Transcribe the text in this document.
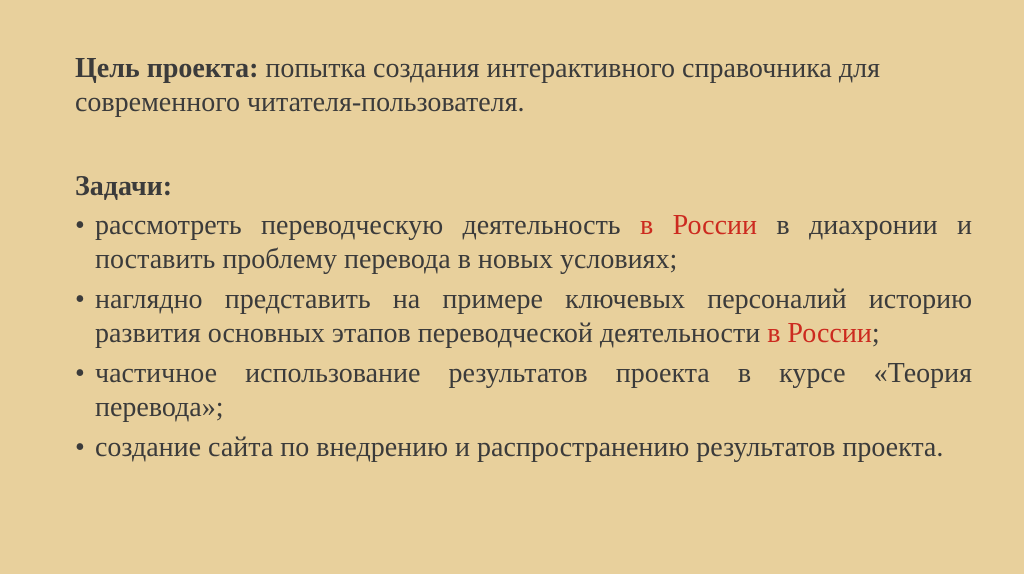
Цель проекта: попытка создания интерактивного справочника для современного читателя-пользователя.
Задачи:
• рассмотреть переводческую деятельность в России в диахронии и поставить проблему перевода в новых условиях;
• наглядно представить на примере ключевых персоналий историю развития основных этапов переводческой деятельности в России;
• частичное использование результатов проекта в курсе «Теория перевода»;
• создание сайта по внедрению и распространению результатов проекта.
